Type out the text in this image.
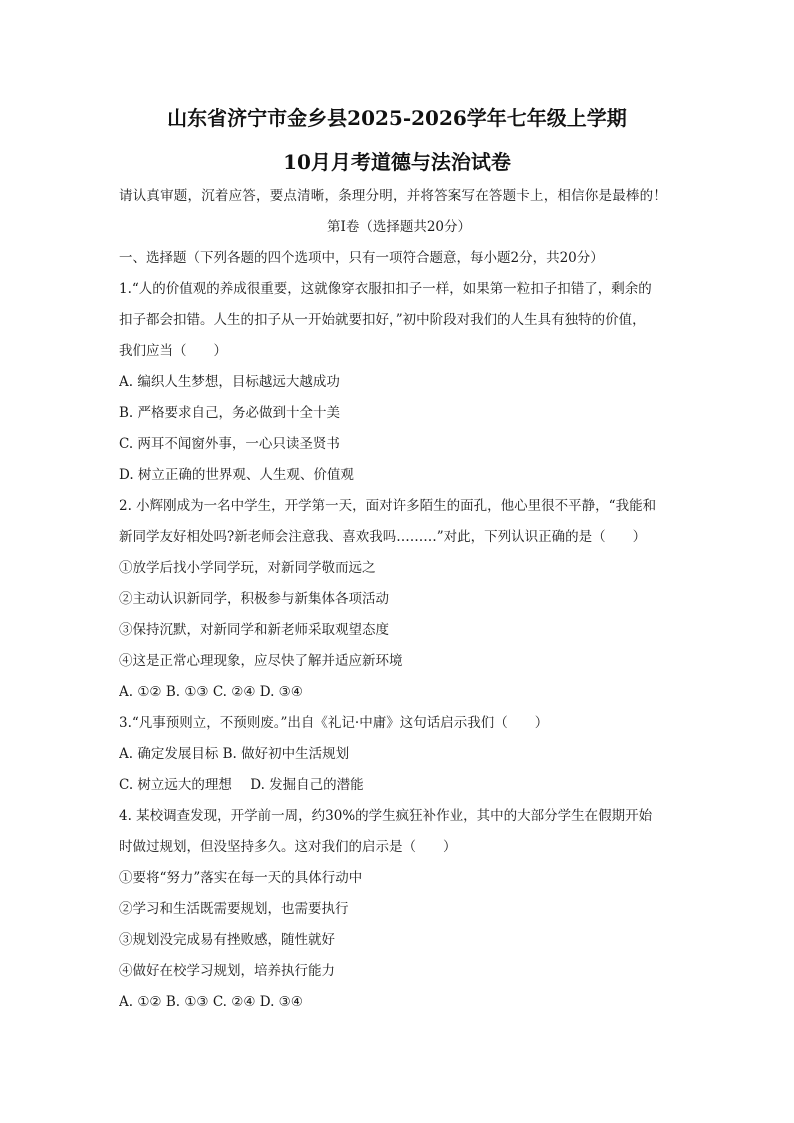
山东省济宁市金乡县2025-2026学年七年级上学期
10月月考道德与法治试卷
请认真审题，沉着应答，要点清晰，条理分明，并将答案写在答题卡上，相信你是最棒的！
第Ⅰ卷（选择题共20分）
一、选择题（下列各题的四个选项中，只有一项符合题意，每小题2分，共20分）
1.“人的价值观的养成很重要，这就像穿衣服扣扣子一样，如果第一粒扣子扣错了，剩余的
扣子都会扣错。人生的扣子从一开始就要扣好，”初中阶段对我们的人生具有独特的价值，
我们应当（　　）
A. 编织人生梦想，目标越远大越成功
B. 严格要求自己，务必做到十全十美
C. 两耳不闻窗外事，一心只读圣贤书
D. 树立正确的世界观、人生观、价值观
2. 小辉刚成为一名中学生，开学第一天，面对许多陌生的面孔，他心里很不平静，“我能和
新同学友好相处吗?新老师会注意我、喜欢我吗………”对此，下列认识正确的是（　　）
①放学后找小学同学玩，对新同学敬而远之
②主动认识新同学，积极参与新集体各项活动
③保持沉默，对新同学和新老师采取观望态度
④这是正常心理现象，应尽快了解并适应新环境
A. ①② B. ①③ C. ②④ D. ③④
3.“凡事预则立，不预则废。”出自《礼记·中庸》这句话启示我们（　　）
A. 确定发展目标 B. 做好初中生活规划
C. 树立远大的理想 D. 发掘自己的潜能
4. 某校调查发现，开学前一周，约30%的学生疯狂补作业，其中的大部分学生在假期开始
时做过规划，但没坚持多久。这对我们的启示是（　　）
①要将“努力”落实在每一天的具体行动中
②学习和生活既需要规划，也需要执行
③规划没完成易有挫败感，随性就好
④做好在校学习规划，培养执行能力
A. ①② B. ①③ C. ②④ D. ③④
